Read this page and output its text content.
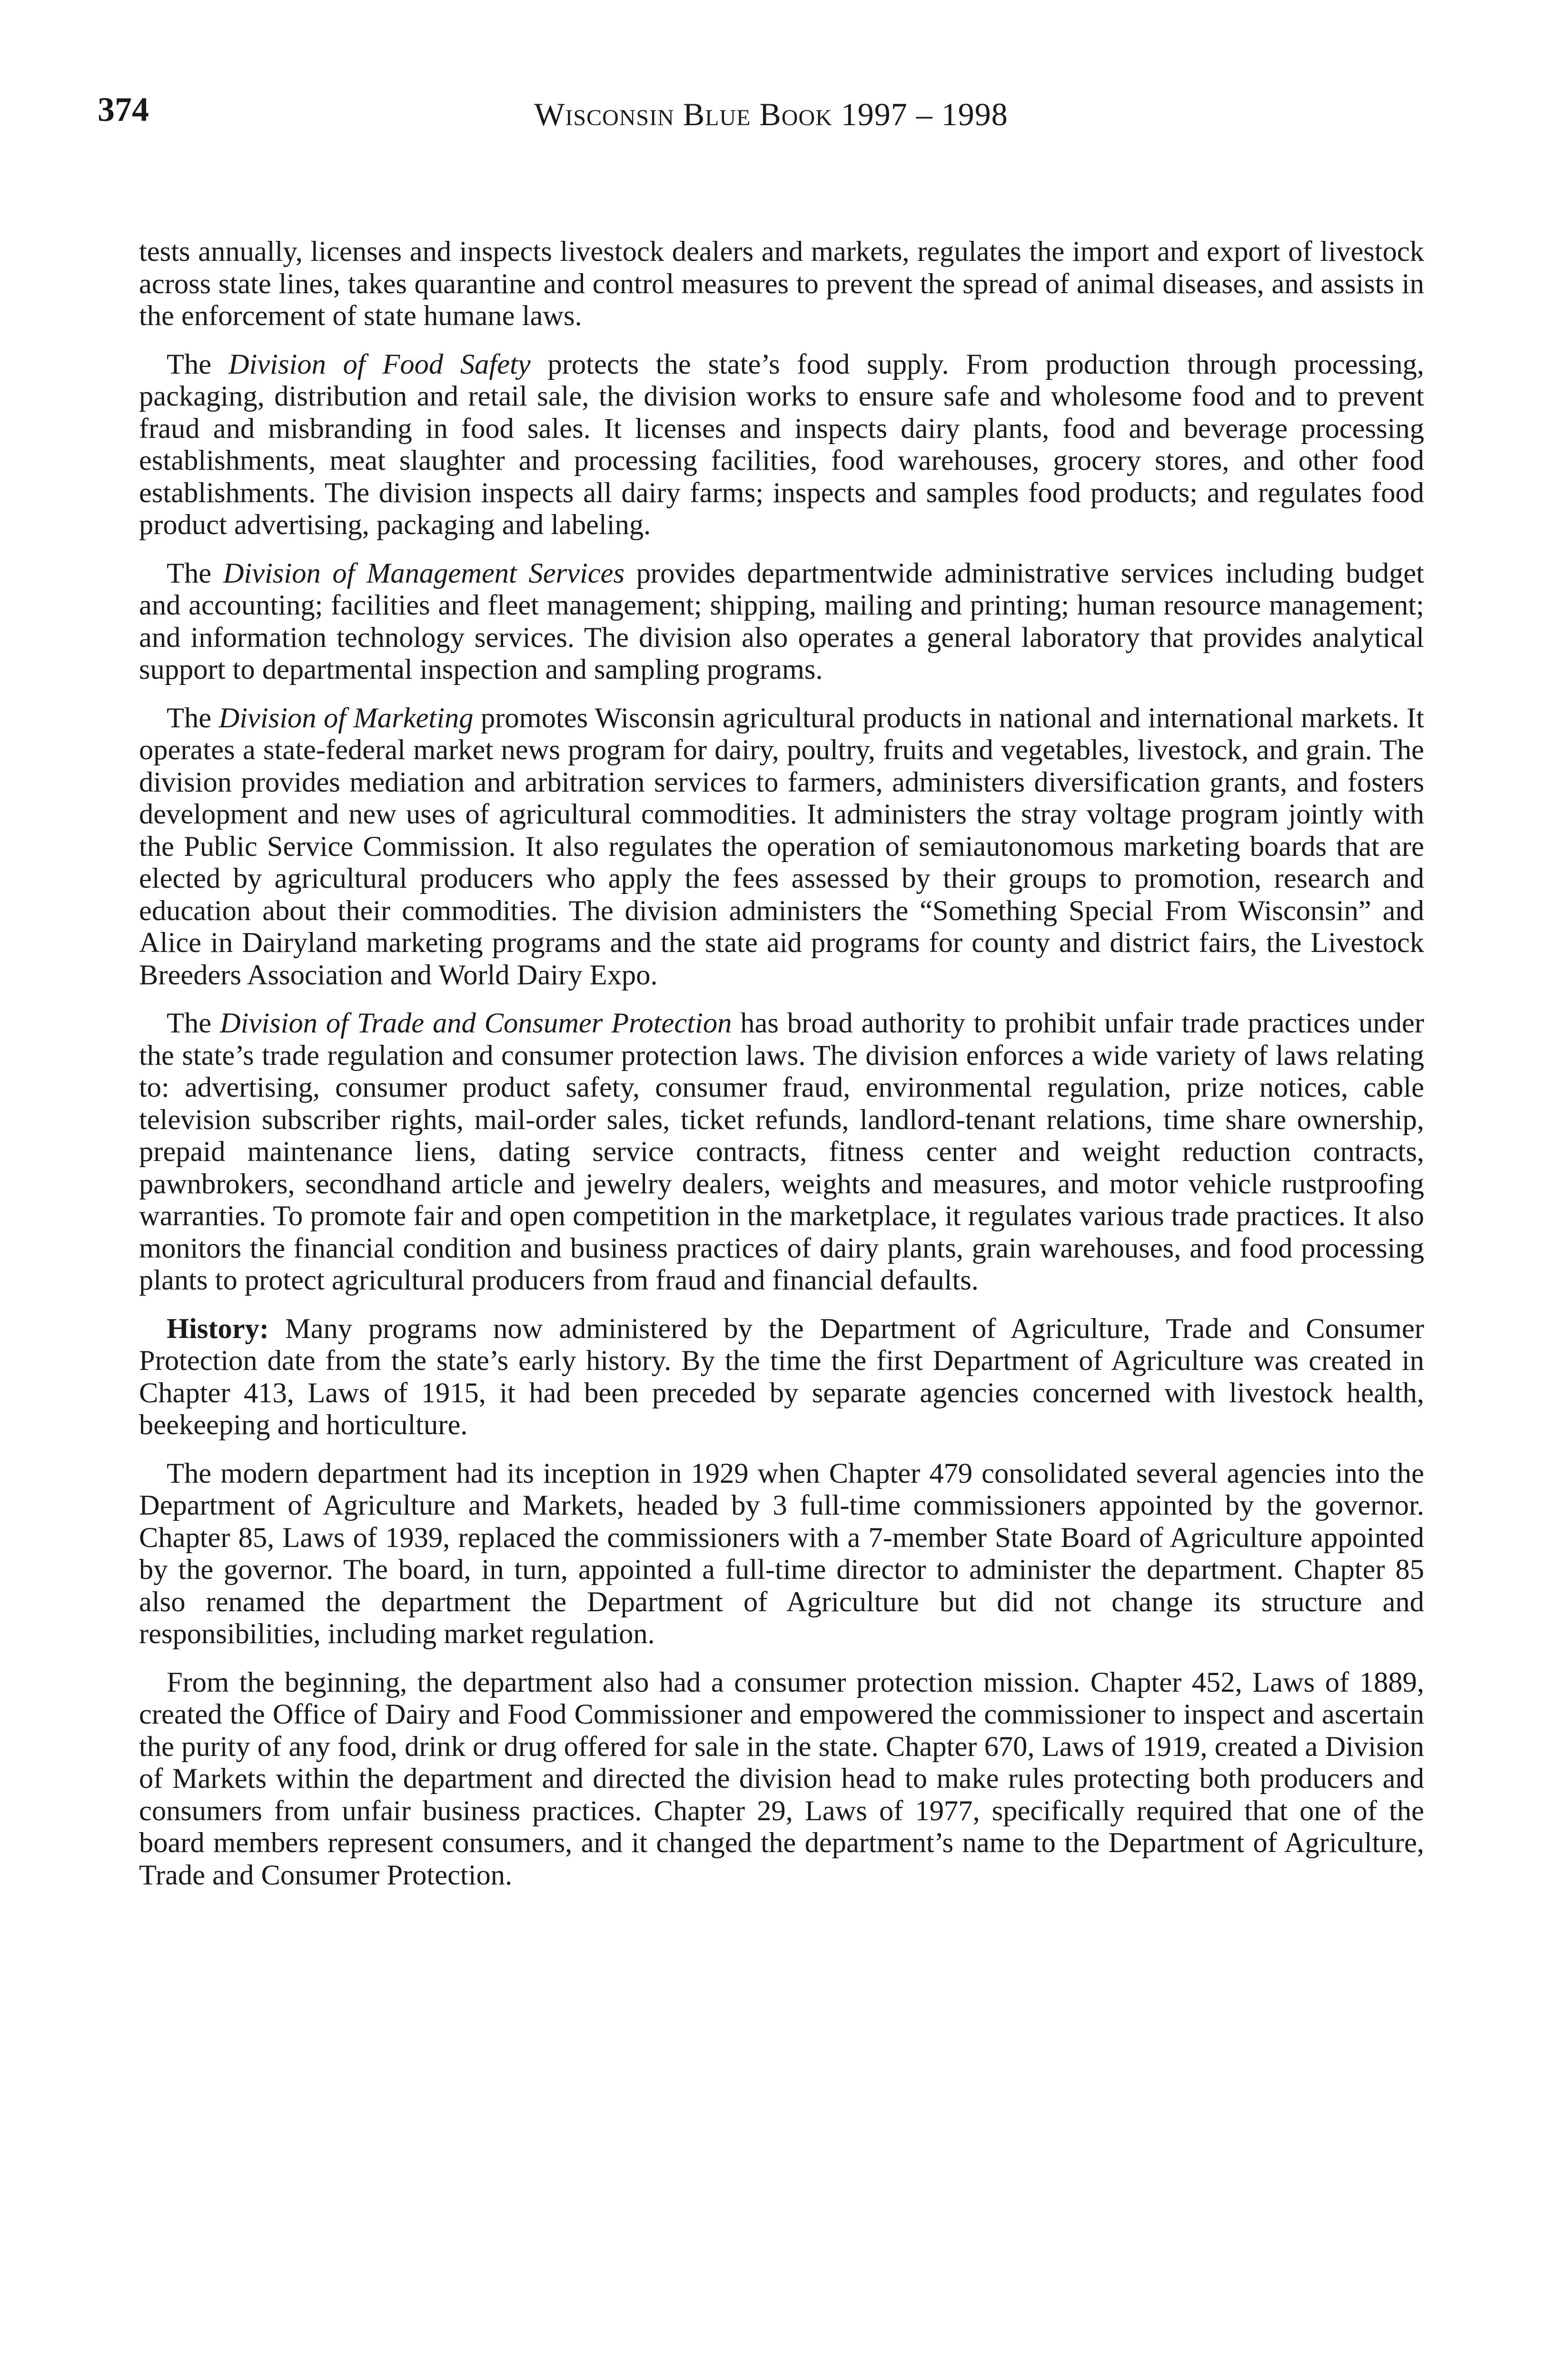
374	Wisconsin Blue Book 1997 – 1998

tests annually, licenses and inspects livestock dealers and markets, regulates the import and export of livestock across state lines, takes quarantine and control measures to prevent the spread of animal diseases, and assists in the enforcement of state humane laws.

The Division of Food Safety protects the state’s food supply. From production through processing, packaging, distribution and retail sale, the division works to ensure safe and wholesome food and to prevent fraud and misbranding in food sales. It licenses and inspects dairy plants, food and beverage processing establishments, meat slaughter and processing facilities, food warehouses, grocery stores, and other food establishments. The division inspects all dairy farms; inspects and samples food products; and regulates food product advertising, packaging and labeling.

The Division of Management Services provides departmentwide administrative services including budget and accounting; facilities and fleet management; shipping, mailing and printing; human resource management; and information technology services. The division also operates a general laboratory that provides analytical support to departmental inspection and sampling programs.

The Division of Marketing promotes Wisconsin agricultural products in national and international markets. It operates a state-federal market news program for dairy, poultry, fruits and vegetables, livestock, and grain. The division provides mediation and arbitration services to farmers, administers diversification grants, and fosters development and new uses of agricultural commodities. It administers the stray voltage program jointly with the Public Service Commission. It also regulates the operation of semiautonomous marketing boards that are elected by agricultural producers who apply the fees assessed by their groups to promotion, research and education about their commodities. The division administers the “Something Special From Wisconsin” and Alice in Dairyland marketing programs and the state aid programs for county and district fairs, the Livestock Breeders Association and World Dairy Expo.

The Division of Trade and Consumer Protection has broad authority to prohibit unfair trade practices under the state’s trade regulation and consumer protection laws. The division enforces a wide variety of laws relating to: advertising, consumer product safety, consumer fraud, environmental regulation, prize notices, cable television subscriber rights, mail-order sales, ticket refunds, landlord-tenant relations, time share ownership, prepaid maintenance liens, dating service contracts, fitness center and weight reduction contracts, pawnbrokers, secondhand article and jewelry dealers, weights and measures, and motor vehicle rustproofing warranties. To promote fair and open competition in the marketplace, it regulates various trade practices. It also monitors the financial condition and business practices of dairy plants, grain warehouses, and food processing plants to protect agricultural producers from fraud and financial defaults.

History: Many programs now administered by the Department of Agriculture, Trade and Consumer Protection date from the state’s early history. By the time the first Department of Agriculture was created in Chapter 413, Laws of 1915, it had been preceded by separate agencies concerned with livestock health, beekeeping and horticulture.

The modern department had its inception in 1929 when Chapter 479 consolidated several agencies into the Department of Agriculture and Markets, headed by 3 full-time commissioners appointed by the governor. Chapter 85, Laws of 1939, replaced the commissioners with a 7-member State Board of Agriculture appointed by the governor. The board, in turn, appointed a full-time director to administer the department. Chapter 85 also renamed the department the Department of Agriculture but did not change its structure and responsibilities, including market regulation.

From the beginning, the department also had a consumer protection mission. Chapter 452, Laws of 1889, created the Office of Dairy and Food Commissioner and empowered the commissioner to inspect and ascertain the purity of any food, drink or drug offered for sale in the state. Chapter 670, Laws of 1919, created a Division of Markets within the department and directed the division head to make rules protecting both producers and consumers from unfair business practices. Chapter 29, Laws of 1977, specifically required that one of the board members represent consumers, and it changed the department’s name to the Department of Agriculture, Trade and Consumer Protection.
